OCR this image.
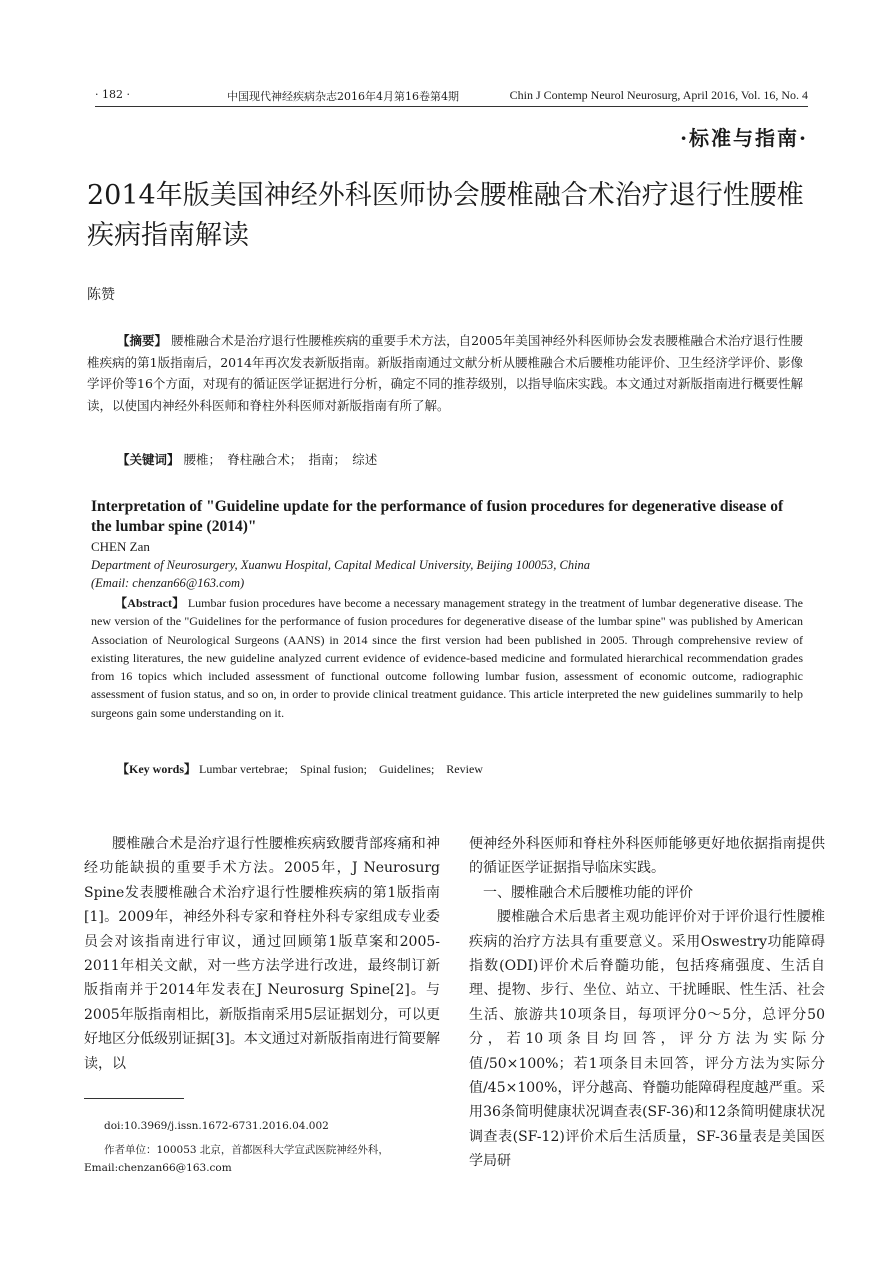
· 182 ·	中国现代神经疾病杂志2016年4月第16卷第4期	Chin J Contemp Neurol Neurosurg, April 2016, Vol. 16, No. 4
·标准与指南·
2014年版美国神经外科医师协会腰椎融合术治疗退行性腰椎疾病指南解读
陈赞
【摘要】 腰椎融合术是治疗退行性腰椎疾病的重要手术方法，自2005年美国神经外科医师协会发表腰椎融合术治疗退行性腰椎疾病的第1版指南后，2014年再次发表新版指南。新版指南通过文献分析从腰椎融合术后腰椎功能评价、卫生经济学评价、影像学评价等16个方面，对现有的循证医学证据进行分析，确定不同的推荐级别，以指导临床实践。本文通过对新版指南进行概要性解读，以使国内神经外科医师和脊柱外科医师对新版指南有所了解。
【关键词】 腰椎；　脊柱融合术；　指南；　综述
Interpretation of "Guideline update for the performance of fusion procedures for degenerative disease of the lumbar spine (2014)"
CHEN Zan
Department of Neurosurgery, Xuanwu Hospital, Capital Medical University, Beijing 100053, China
(Email: chenzan66@163.com)
【Abstract】 Lumbar fusion procedures have become a necessary management strategy in the treatment of lumbar degenerative disease. The new version of the "Guidelines for the performance of fusion procedures for degenerative disease of the lumbar spine" was published by American Association of Neurological Surgeons (AANS) in 2014 since the first version had been published in 2005. Through comprehensive review of existing literatures, the new guideline analyzed current evidence of evidence-based medicine and formulated hierarchical recommendation grades from 16 topics which included assessment of functional outcome following lumbar fusion, assessment of economic outcome, radiographic assessment of fusion status, and so on, in order to provide clinical treatment guidance. This article interpreted the new guidelines summarily to help surgeons gain some understanding on it.
【Key words】 Lumbar vertebrae;　Spinal fusion;　Guidelines;　Review
腰椎融合术是治疗退行性腰椎疾病致腰背部疼痛和神经功能缺损的重要手术方法。2005年，J Neurosurg Spine发表腰椎融合术治疗退行性腰椎疾病的第1版指南[1]。2009年，神经外科专家和脊柱外科专家组成专业委员会对该指南进行审议，通过回顾第1版草案和2005-2011年相关文献，对一些方法学进行改进，最终制订新版指南并于2014年发表在J Neurosurg Spine[2]。与2005年版指南相比，新版指南采用5层证据划分，可以更好地区分低级别证据[3]。本文通过对新版指南进行简要解读，以

便神经外科医师和脊柱外科医师能够更好地依据指南提供的循证医学证据指导临床实践。

一、腰椎融合术后腰椎功能的评价

腰椎融合术后患者主观功能评价对于评价退行性腰椎疾病的治疗方法具有重要意义。采用Oswestry功能障碍指数(ODI)评价术后脊髓功能，包括疼痛强度、生活自理、提物、步行、坐位、站立、干扰睡眠、性生活、社会生活、旅游共10项条目，每项评分0～5分，总评分50分，若10项条目均回答，评分方法为实际分值/50×100%；若1项条目未回答，评分方法为实际分值/45×100%，评分越高、脊髓功能障碍程度越严重。采用36条简明健康状况调查表(SF-36)和12条简明健康状况调查表(SF-12)评价术后生活质量，SF-36量表是美国医学局研

doi:10.3969/j.issn.1672-6731.2016.04.002
作者单位：100053 北京，首都医科大学宣武医院神经外科，
Email:chenzan66@163.com
